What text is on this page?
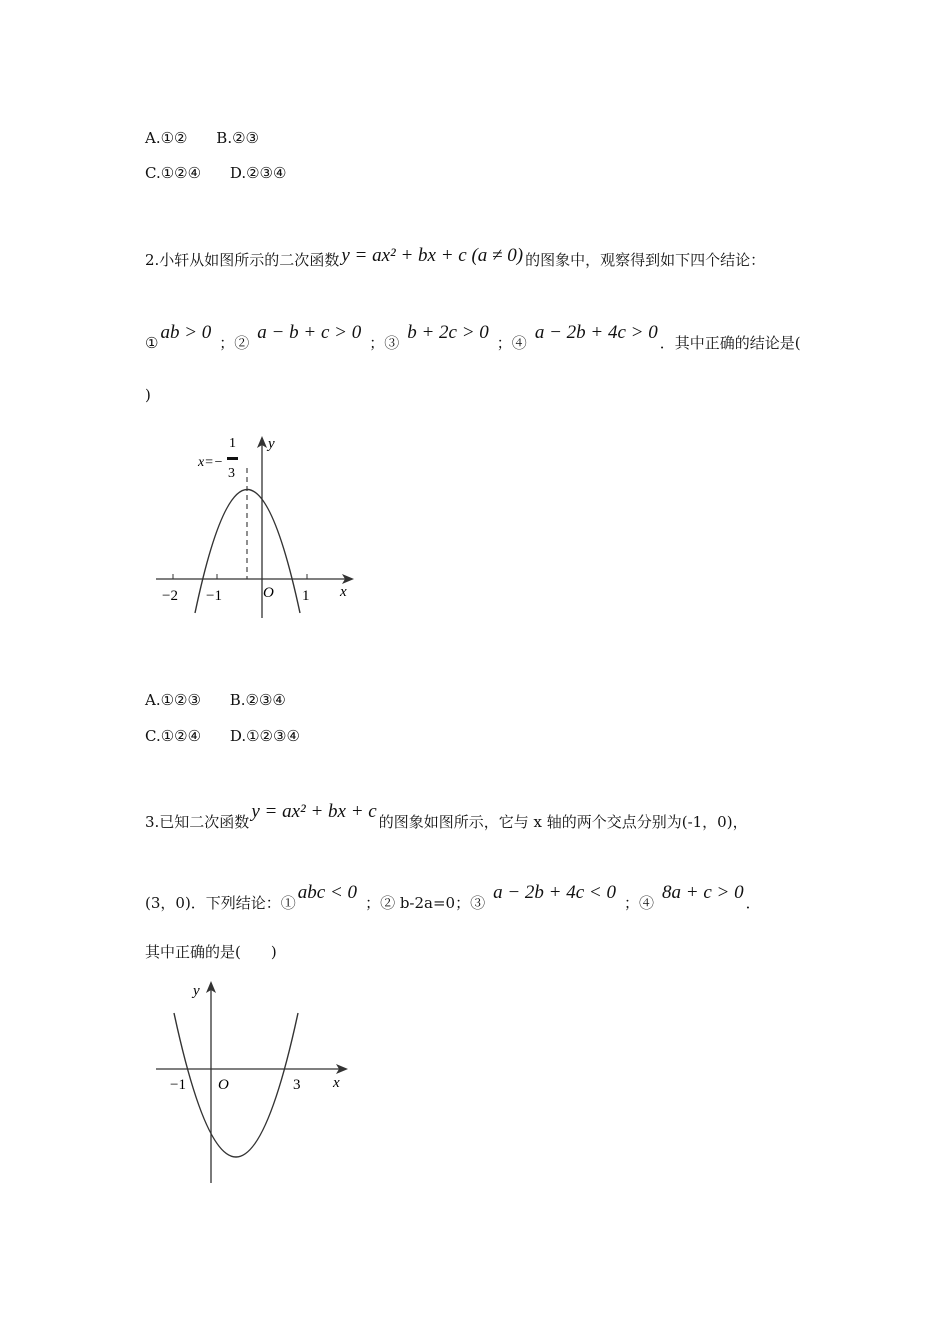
A.①② B.②③
C.①②④ D.②③④
2.小轩从如图所示的二次函数 y = ax² + bx + c (a ≠ 0) 的图象中，观察得到如下四个结论：
① ab > 0 ；② a − b + c > 0 ；③ b + 2c > 0 ；④ a − 2b + 4c > 0 ．其中正确的结论是(
)
−2 −1	O 1 x
y
x=−
1
3
A.①②③ B.②③④
C.①②④ D.①②③④
3.已知二次函数 y = ax² + bx + c 的图象如图所示，它与 x 轴的两个交点分别为(-1，0)，
(3，0)．下列结论：① abc < 0 ；② b-2a=0；③ a − 2b + 4c < 0 ；④ 8a + c > 0 ．
其中正确的是(　　)
−1 O	3 x
y
